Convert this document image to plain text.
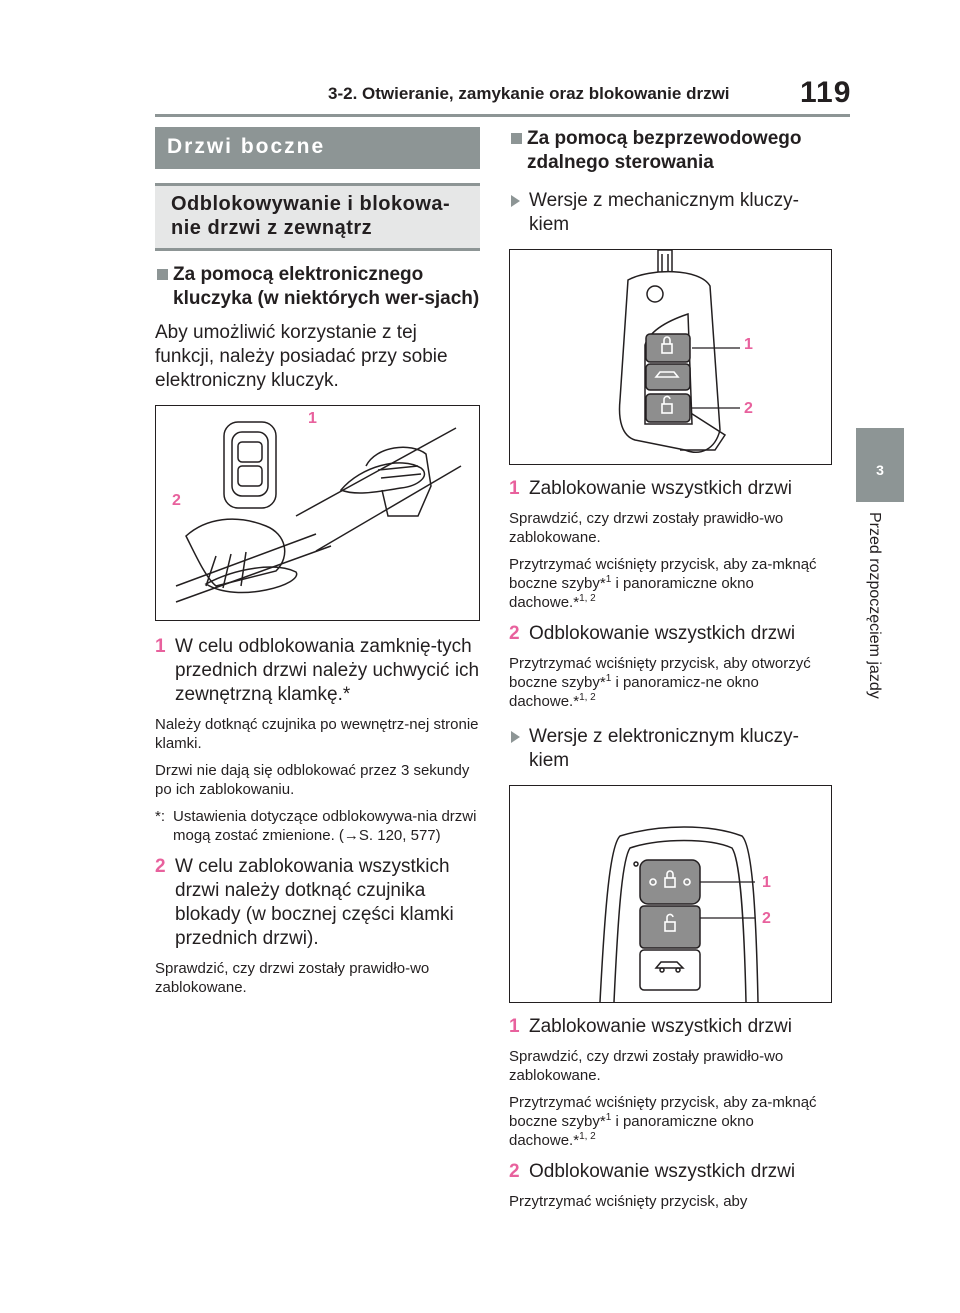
3-2. Otwieranie, zamykanie oraz blokowanie drzwi 119
3
Przed rozpoczęciem jazdy
Drzwi boczne
Odblokowywanie i blokowa-nie drzwi z zewnątrz
Za pomocą elektronicznego kluczyka (w niektórych wer-sjach)
Aby umożliwić korzystanie z tej funkcji, należy posiadać przy sobie elektroniczny kluczyk.
1
2
1 W celu odblokowania zamknię-tych przednich drzwi należy uchwycić ich zewnętrzną klamkę.*
Należy dotknąć czujnika po wewnętrz-nej stronie klamki.
Drzwi nie dają się odblokować przez 3 sekundy po ich zablokowaniu.
*: Ustawienia dotyczące odblokowywa-nia drzwi mogą zostać zmienione. (→S. 120, 577)
2 W celu zablokowania wszystkich drzwi należy dotknąć czujnika blokady (w bocznej części klamki przednich drzwi).
Sprawdzić, czy drzwi zostały prawidło-wo zablokowane.
Za pomocą bezprzewodowego zdalnego sterowania
Wersje z mechanicznym kluczy-kiem
1
2
1 Zablokowanie wszystkich drzwi
Sprawdzić, czy drzwi zostały prawidło-wo zablokowane.
Przytrzymać wciśnięty przycisk, aby za-mknąć boczne szyby*$^1$ i panoramiczne okno dachowe.*$^{1, 2}$
2 Odblokowanie wszystkich drzwi
Przytrzymać wciśnięty przycisk, aby otworzyć boczne szyby*$^1$ i panoramicz-ne okno dachowe.*$^{1, 2}$
Wersje z elektronicznym kluczy-kiem
1
2
1 Zablokowanie wszystkich drzwi
Sprawdzić, czy drzwi zostały prawidło-wo zablokowane.
Przytrzymać wciśnięty przycisk, aby za-mknąć boczne szyby*$^1$ i panoramiczne okno dachowe.*$^{1, 2}$
2 Odblokowanie wszystkich drzwi
Przytrzymać wciśnięty przycisk, aby
